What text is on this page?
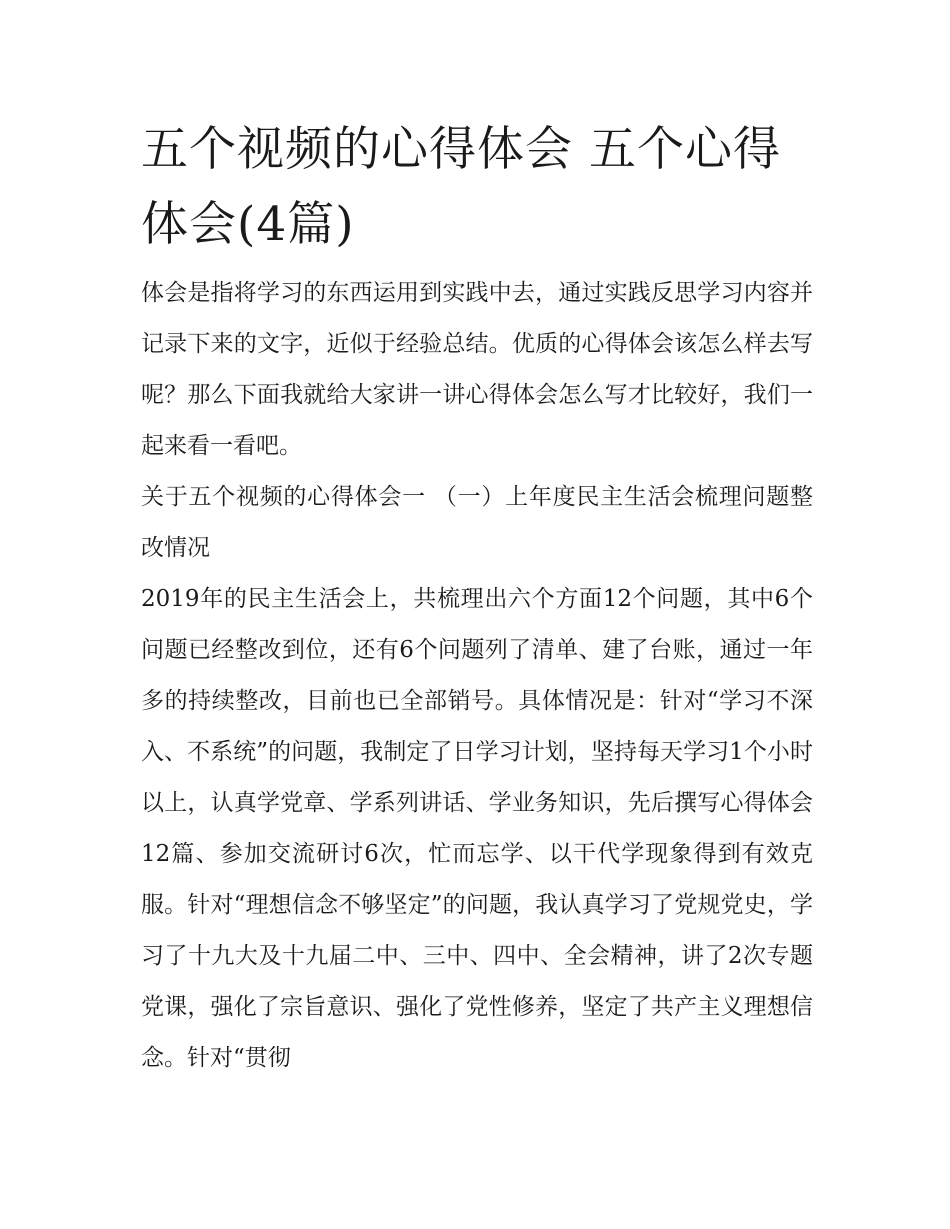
五个视频的心得体会 五个心得体会(4篇)

体会是指将学习的东西运用到实践中去，通过实践反思学习内容并记录下来的文字，近似于经验总结。优质的心得体会该怎么样去写呢？那么下面我就给大家讲一讲心得体会怎么写才比较好，我们一起来看一看吧。

关于五个视频的心得体会一 （一）上年度民主生活会梳理问题整改情况

2019年的民主生活会上，共梳理出六个方面12个问题，其中6个问题已经整改到位，还有6个问题列了清单、建了台账，通过一年多的持续整改，目前也已全部销号。具体情况是：针对“学习不深入、不系统”的问题，我制定了日学习计划，坚持每天学习1个小时以上，认真学党章、学系列讲话、学业务知识，先后撰写心得体会12篇、参加交流研讨6次，忙而忘学、以干代学现象得到有效克服。针对“理想信念不够坚定”的问题，我认真学习了党规党史，学习了十九大及十九届二中、三中、四中、全会精神，讲了2次专题党课，强化了宗旨意识、强化了党性修养，坚定了共产主义理想信念。针对“贯彻
